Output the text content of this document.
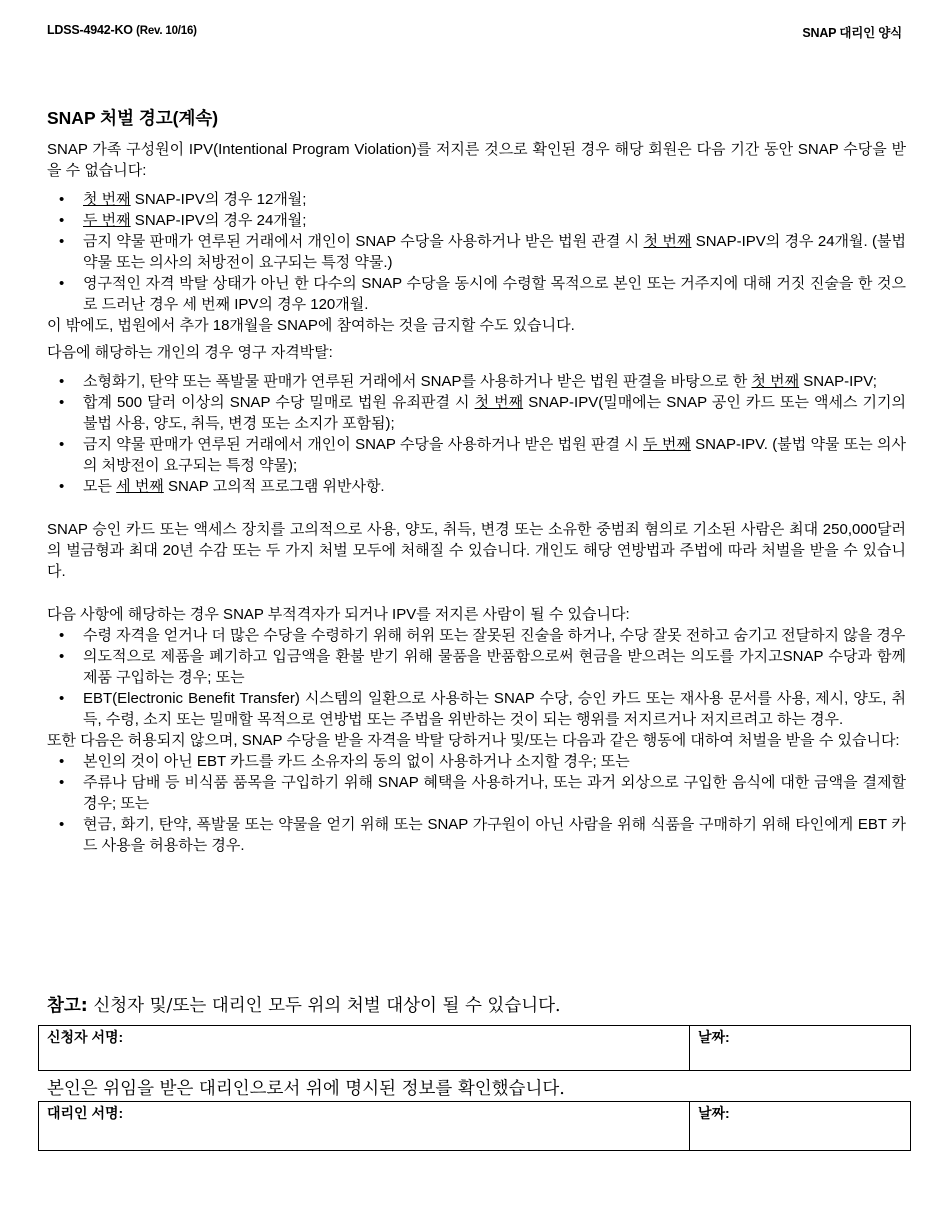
LDSS-4942-KO (Rev. 10/16)	SNAP 대리인 양식
SNAP 처벌 경고(계속)

SNAP 가족 구성원이 IPV(Intentional Program Violation)를 저지른 것으로 확인된 경우 해당 회원은 다음 기간 동안 SNAP 수당을 받을 수 없습니다:

• 첫 번째 SNAP-IPV의 경우 12개월;
• 두 번째 SNAP-IPV의 경우 24개월;
• 금지 약물 판매가 연루된 거래에서 개인이 SNAP 수당을 사용하거나 받은 법원 관결 시 첫 번째 SNAP-IPV의 경우 24개월. (불법 약물 또는 의사의 처방전이 요구되는 특정 약물.)
• 영구적인 자격 박탈 상태가 아닌 한 다수의 SNAP 수당을 동시에 수령할 목적으로 본인 또는 거주지에 대해 거짓 진술을 한 것으로 드러난 경우 세 번째 IPV의 경우 120개월.

이 밖에도, 법원에서 추가 18개월을 SNAP에 참여하는 것을 금지할 수도 있습니다.

다음에 해당하는 개인의 경우 영구 자격박탈:

• 소형화기, 탄약 또는 폭발물 판매가 연루된 거래에서 SNAP를 사용하거나 받은 법원 판결을 바탕으로 한 첫 번째 SNAP-IPV;
• 합계 500 달러 이상의 SNAP 수당 밀매로 법원 유죄판결 시 첫 번째 SNAP-IPV(밀매에는 SNAP 공인 카드 또는 액세스 기기의 불법 사용, 양도, 취득, 변경 또는 소지가 포함됨);
• 금지 약물 판매가 연루된 거래에서 개인이 SNAP 수당을 사용하거나 받은 법원 판결 시 두 번째 SNAP-IPV. (불법 약물 또는 의사의 처방전이 요구되는 특정 약물);
• 모든 세 번째 SNAP 고의적 프로그램 위반사항.

SNAP 승인 카드 또는 액세스 장치를 고의적으로 사용, 양도, 취득, 변경 또는 소유한 중범죄 혐의로 기소된 사람은 최대 250,000달러의 벌금형과 최대 20년 수감 또는 두 가지 처벌 모두에 처해질 수 있습니다. 개인도 해당 연방법과 주법에 따라 처벌을 받을 수 있습니다.

다음 사항에 해당하는 경우 SNAP 부적격자가 되거나 IPV를 저지른 사람이 될 수 있습니다:

• 수령 자격을 얻거나 더 많은 수당을 수령하기 위해 허위 또는 잘못된 진술을 하거나, 수당 잘못 전하고 숨기고 전달하지 않을 경우
• 의도적으로 제품을 폐기하고 입금액을 환불 받기 위해 물품을 반품함으로써 현금을 받으려는 의도를 가지고SNAP 수당과 함께 제품 구입하는 경우; 또는
• EBT(Electronic Benefit Transfer) 시스템의 일환으로 사용하는 SNAP 수당, 승인 카드 또는 재사용 문서를 사용, 제시, 양도, 취득, 수령, 소지 또는 밀매할 목적으로 연방법 또는 주법을 위반하는 것이 되는 행위를 저지르거나 저지르려고 하는 경우.

또한 다음은 허용되지 않으며, SNAP 수당을 받을 자격을 박탈 당하거나 및/또는 다음과 같은 행동에 대하여 처벌을 받을 수 있습니다:

• 본인의 것이 아닌 EBT 카드를 카드 소유자의 동의 없이 사용하거나 소지할 경우; 또는
• 주류나 담배 등 비식품 품목을 구입하기 위해 SNAP 혜택을 사용하거나, 또는 과거 외상으로 구입한 음식에 대한 금액을 결제할 경우; 또는
• 현금, 화기, 탄약, 폭발물 또는 약물을 얻기 위해 또는 SNAP 가구원이 아닌 사람을 위해 식품을 구매하기 위해 타인에게 EBT 카드 사용을 허용하는 경우.
참고: 신청자 및/또는 대리인 모두 위의 처벌 대상이 될 수 있습니다.
신청자 서명:	날짜:
본인은 위임을 받은 대리인으로서 위에 명시된 정보를 확인했습니다.
대리인 서명:	날짜:
